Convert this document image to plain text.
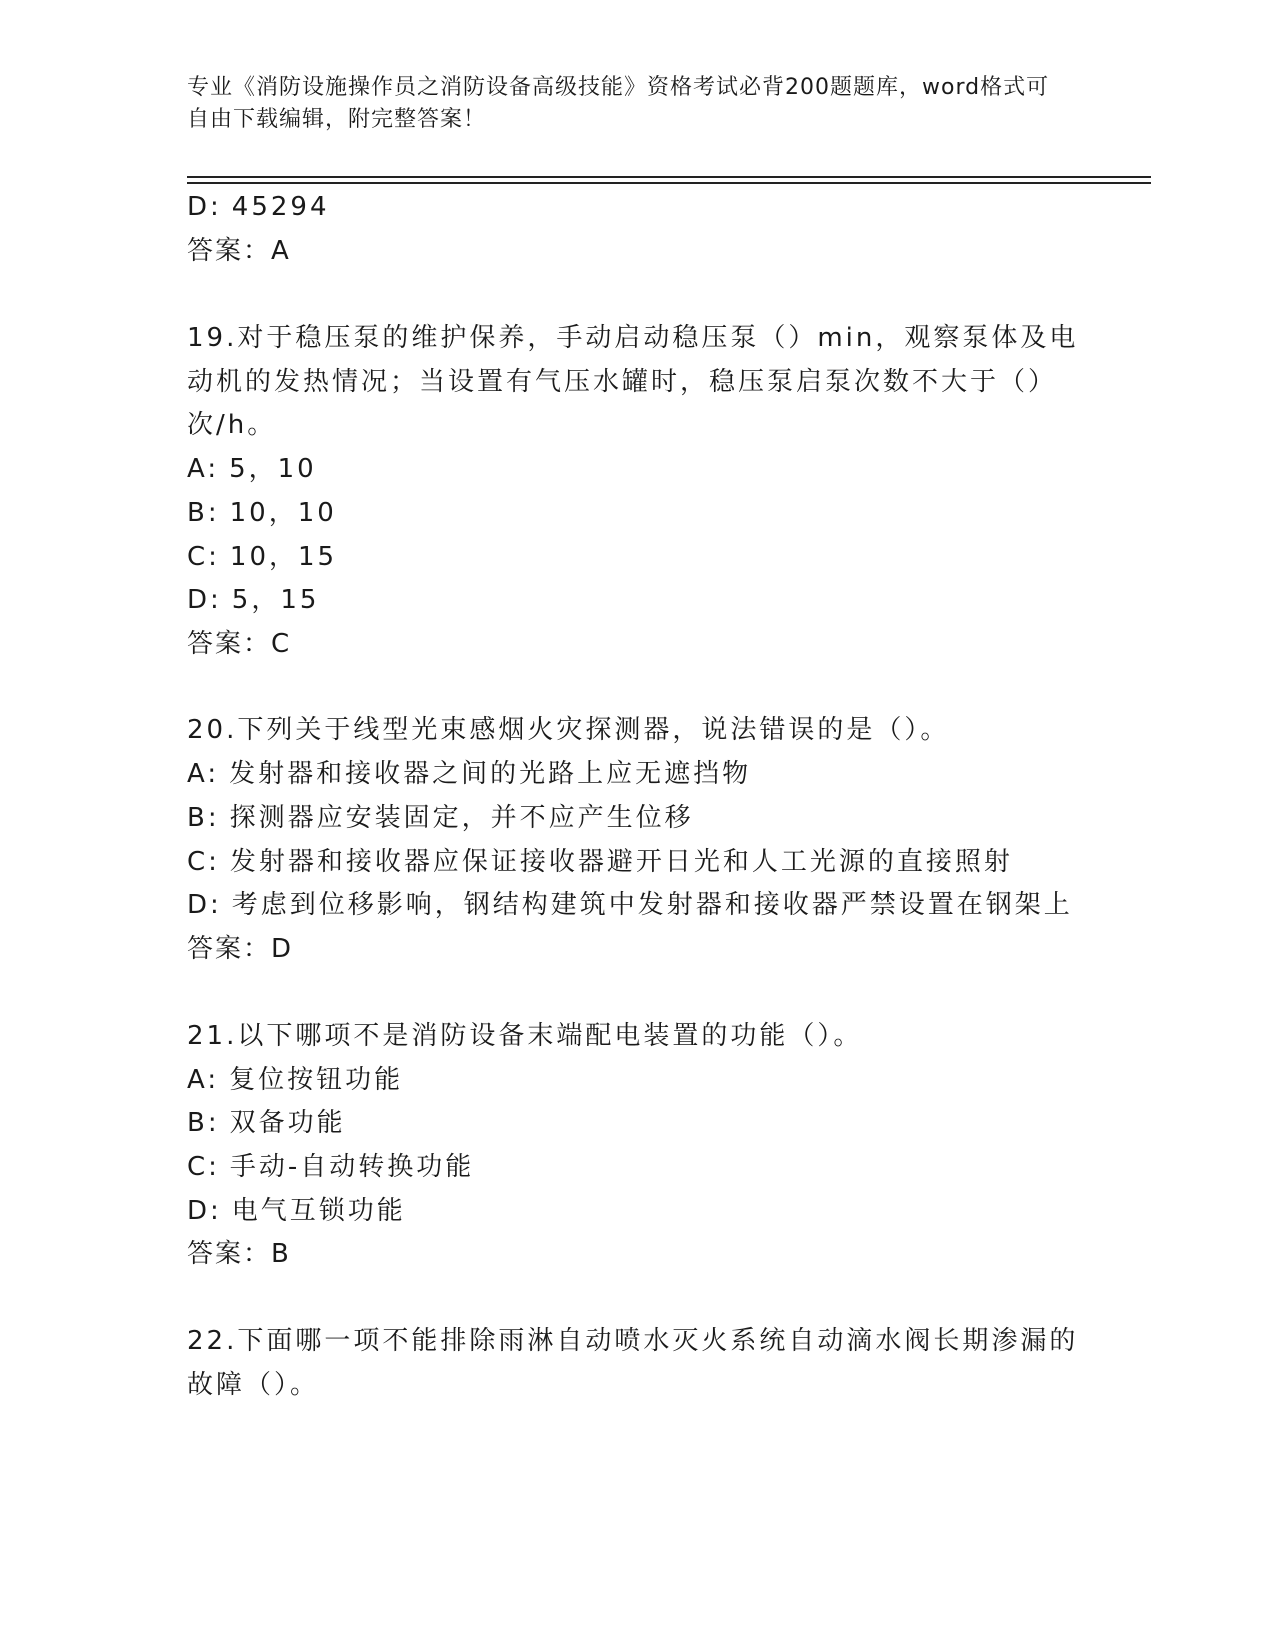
专业《消防设施操作员之消防设备高级技能》资格考试必背200题题库，word格式可自由下载编辑，附完整答案！
D: 45294
答案：A
19.对于稳压泵的维护保养，手动启动稳压泵（）min，观察泵体及电
动机的发热情况；当设置有气压水罐时，稳压泵启泵次数不大于（）
次/h。
A: 5，10
B: 10，10
C: 10，15
D: 5，15
答案：C
20.下列关于线型光束感烟火灾探测器，说法错误的是（）。
A: 发射器和接收器之间的光路上应无遮挡物
B: 探测器应安装固定，并不应产生位移
C: 发射器和接收器应保证接收器避开日光和人工光源的直接照射
D: 考虑到位移影响，钢结构建筑中发射器和接收器严禁设置在钢架上
答案：D
21.以下哪项不是消防设备末端配电装置的功能（）。
A: 复位按钮功能
B: 双备功能
C: 手动-自动转换功能
D: 电气互锁功能
答案：B
22.下面哪一项不能排除雨淋自动喷水灭火系统自动滴水阀长期渗漏的
故障（）。
